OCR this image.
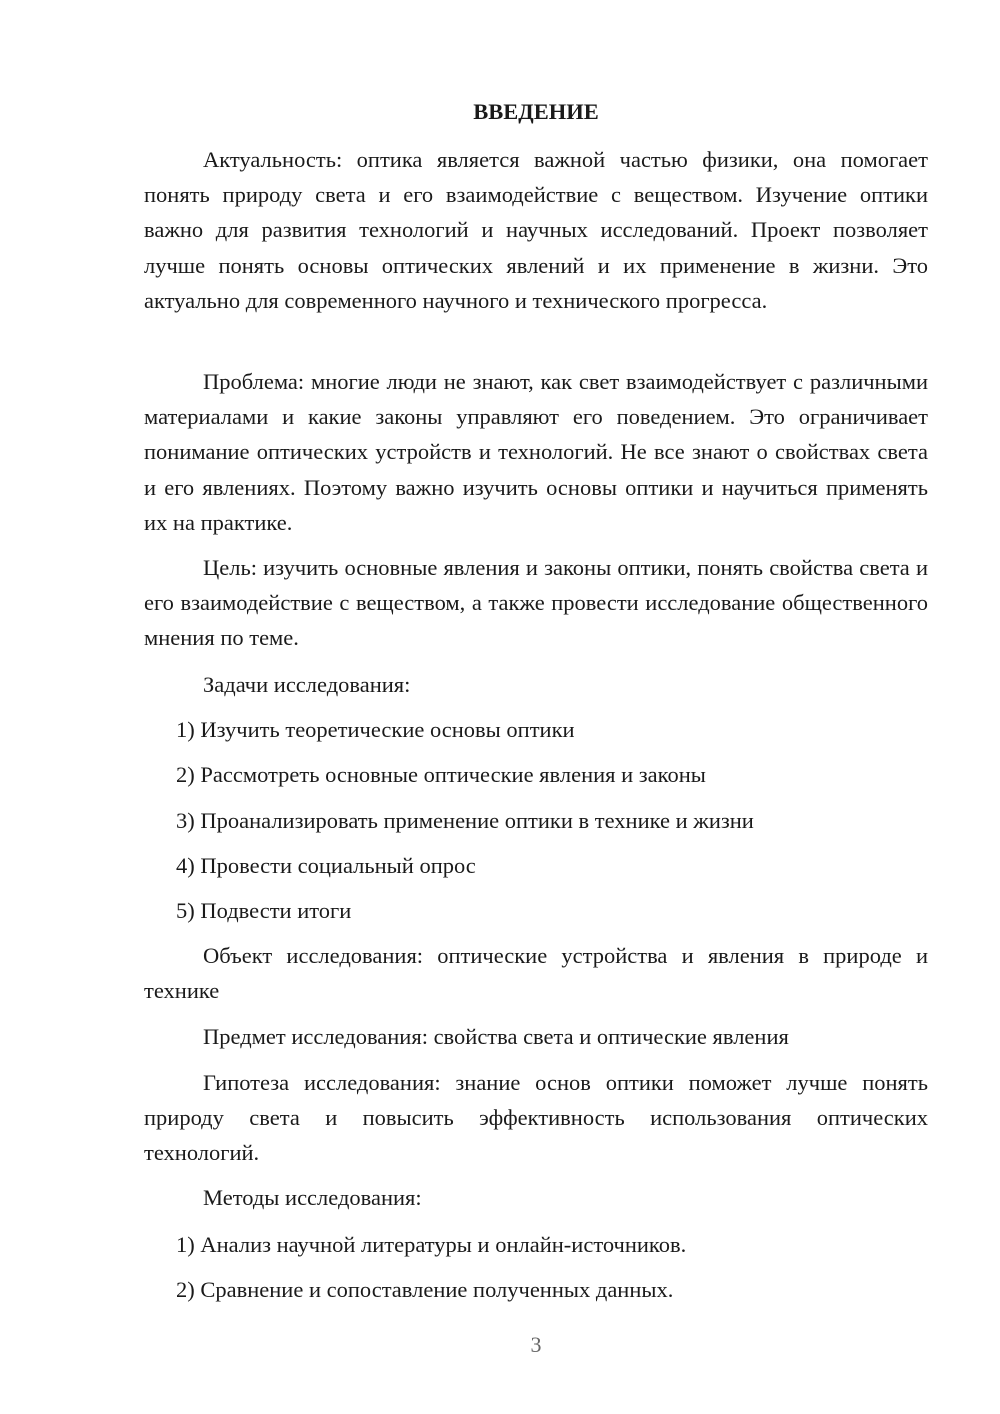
ВВЕДЕНИЕ

Актуальность: оптика является важной частью физики, она помогает понять природу света и его взаимодействие с веществом. Изучение оптики важно для развития технологий и научных исследований. Проект позволяет лучше понять основы оптических явлений и их применение в жизни. Это актуально для современного научного и технического прогресса.

Проблема: многие люди не знают, как свет взаимодействует с различными материалами и какие законы управляют его поведением. Это ограничивает понимание оптических устройств и технологий. Не все знают о свойствах света и его явлениях. Поэтому важно изучить основы оптики и научиться применять их на практике.

Цель: изучить основные явления и законы оптики, понять свойства света и его взаимодействие с веществом, а также провести исследование общественного мнения по теме.

Задачи исследования:

1) Изучить теоретические основы оптики
2) Рассмотреть основные оптические явления и законы
3) Проанализировать применение оптики в технике и жизни
4) Провести социальный опрос
5) Подвести итоги

Объект исследования: оптические устройства и явления в природе и технике

Предмет исследования: свойства света и оптические явления

Гипотеза исследования: знание основ оптики поможет лучше понять природу света и повысить эффективность использования оптических технологий.

Методы исследования:

1) Анализ научной литературы и онлайн-источников.
2) Сравнение и сопоставление полученных данных.
3
